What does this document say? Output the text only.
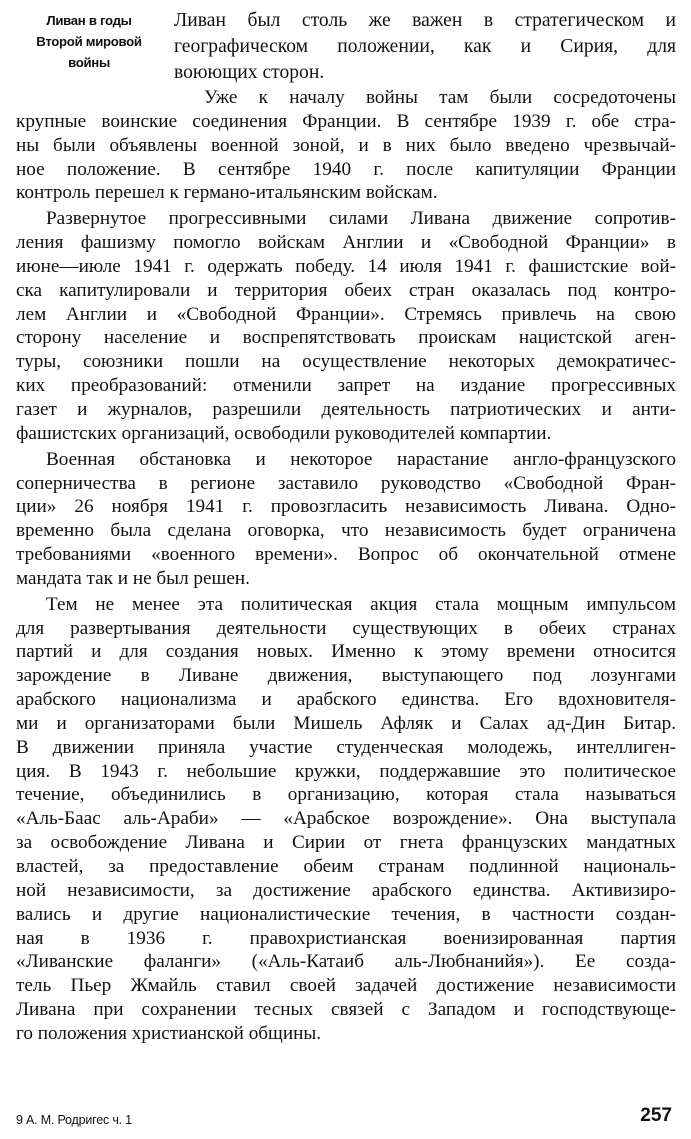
Ливан в годы
Второй мировой
войны
Ливан был столь же важен в стратегическом и
географическом положении, как и Сирия, для
воюющих сторон.
Уже к началу войны там были сосредоточены
крупные воинские соединения Франции. В сентябре 1939 г. обе стра-
ны были объявлены военной зоной, и в них было введено чрезвычай-
ное положение. В сентябре 1940 г. после капитуляции Франции
контроль перешел к германо-итальянским войскам.
Развернутое прогрессивными силами Ливана движение сопротив-
ления фашизму помогло войскам Англии и «Свободной Франции» в
июне—июле 1941 г. одержать победу. 14 июля 1941 г. фашистские вой-
ска капитулировали и территория обеих стран оказалась под контро-
лем Англии и «Свободной Франции». Стремясь привлечь на свою
сторону население и воспрепятствовать проискам нацистской аген-
туры, союзники пошли на осуществление некоторых демократичес-
ких преобразований: отменили запрет на издание прогрессивных
газет и журналов, разрешили деятельность патриотических и анти-
фашистских организаций, освободили руководителей компартии.
Военная обстановка и некоторое нарастание англо-французского
соперничества в регионе заставило руководство «Свободной Фран-
ции» 26 ноября 1941 г. провозгласить независимость Ливана. Одно-
временно была сделана оговорка, что независимость будет ограничена
требованиями «военного времени». Вопрос об окончательной отмене
мандата так и не был решен.
Тем не менее эта политическая акция стала мощным импульсом
для развертывания деятельности существующих в обеих странах
партий и для создания новых. Именно к этому времени относится
зарождение в Ливане движения, выступающего под лозунгами
арабского национализма и арабского единства. Его вдохновителя-
ми и организаторами были Мишель Афляк и Салах ад-Дин Битар.
В движении приняла участие студенческая молодежь, интеллиген-
ция. В 1943 г. небольшие кружки, поддержавшие это политическое
течение, объединились в организацию, которая стала называться
«Аль-Баас аль-Араби» — «Арабское возрождение». Она выступала
за освобождение Ливана и Сирии от гнета французских мандатных
властей, за предоставление обеим странам подлинной националь-
ной независимости, за достижение арабского единства. Активизиро-
вались и другие националистические течения, в частности создан-
ная в 1936 г. правохристианская военизированная партия
«Ливанские фаланги» («Аль-Катаиб аль-Любнанийя»). Ее созда-
тель Пьер Жмайль ставил своей задачей достижение независимости
Ливана при сохранении тесных связей с Западом и господствующе-
го положения христианской общины.
9 А. М. Родригес ч. 1	257
